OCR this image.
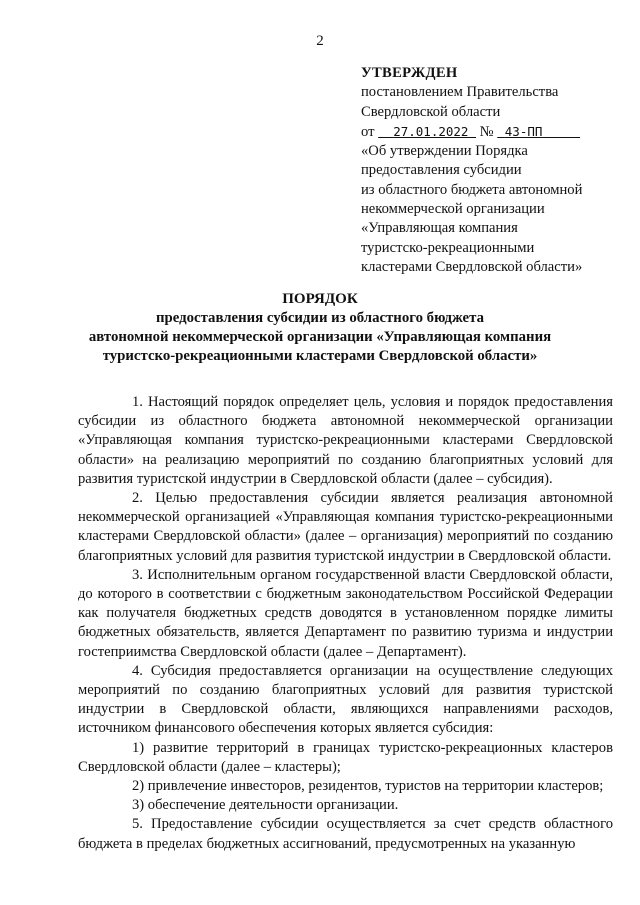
2
УТВЕРЖДЕН
постановлением Правительства
Свердловской области
от 27.01.2022 № 43-ПП
«Об утверждении Порядка
предоставления субсидии
из областного бюджета автономной
некоммерческой организации
«Управляющая компания
туристско-рекреационными
кластерами Свердловской области»
ПОРЯДОК
предоставления субсидии из областного бюджета
автономной некоммерческой организации «Управляющая компания
туристско-рекреационными кластерами Свердловской области»

1. Настоящий порядок определяет цель, условия и порядок предоставления субсидии из областного бюджета автономной некоммерческой организации «Управляющая компания туристско-рекреационными кластерами Свердловской области» на реализацию мероприятий по созданию благоприятных условий для развития туристской индустрии в Свердловской области (далее – субсидия).

2. Целью предоставления субсидии является реализация автономной некоммерческой организацией «Управляющая компания туристско-рекреационными кластерами Свердловской области» (далее – организация) мероприятий по созданию благоприятных условий для развития туристской индустрии в Свердловской области.

3. Исполнительным органом государственной власти Свердловской области, до которого в соответствии с бюджетным законодательством Российской Федерации как получателя бюджетных средств доводятся в установленном порядке лимиты бюджетных обязательств, является Департамент по развитию туризма и индустрии гостеприимства Свердловской области (далее – Департамент).

4. Субсидия предоставляется организации на осуществление следующих мероприятий по созданию благоприятных условий для развития туристской индустрии в Свердловской области, являющихся направлениями расходов, источником финансового обеспечения которых является субсидия:

1) развитие территорий в границах туристско-рекреационных кластеров Свердловской области (далее – кластеры);

2) привлечение инвесторов, резидентов, туристов на территории кластеров;

3) обеспечение деятельности организации.

5. Предоставление субсидии осуществляется за счет средств областного бюджета в пределах бюджетных ассигнований, предусмотренных на указанную
